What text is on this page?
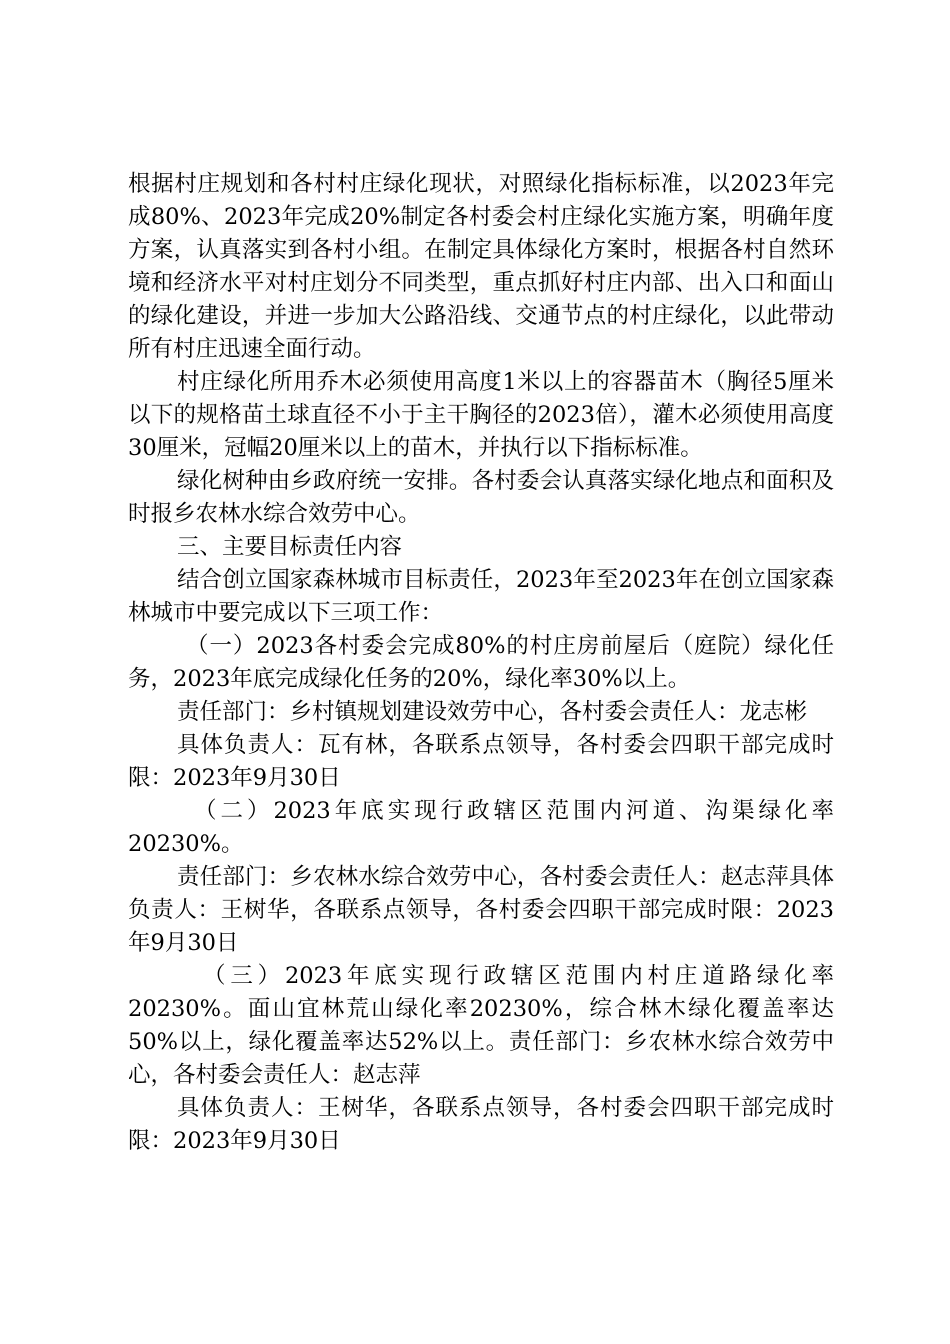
根据村庄规划和各村村庄绿化现状，对照绿化指标标准，以2023年完成80%、2023年完成20%制定各村委会村庄绿化实施方案，明确年度方案，认真落实到各村小组。在制定具体绿化方案时，根据各村自然环境和经济水平对村庄划分不同类型，重点抓好村庄内部、出入口和面山的绿化建设，并进一步加大公路沿线、交通节点的村庄绿化，以此带动所有村庄迅速全面行动。

村庄绿化所用乔木必须使用高度1米以上的容器苗木（胸径5厘米以下的规格苗土球直径不小于主干胸径的2023倍），灌木必须使用高度30厘米，冠幅20厘米以上的苗木，并执行以下指标标准。

绿化树种由乡政府统一安排。各村委会认真落实绿化地点和面积及时报乡农林水综合效劳中心。

三、主要目标责任内容

结合创立国家森林城市目标责任，2023年至2023年在创立国家森林城市中要完成以下三项工作：

（一）2023各村委会完成80%的村庄房前屋后（庭院）绿化任务，2023年底完成绿化任务的20%，绿化率30%以上。

责任部门：乡村镇规划建设效劳中心，各村委会责任人：龙志彬

具体负责人：瓦有林，各联系点领导，各村委会四职干部完成时限：2023年9月30日

（二）2023年底实现行政辖区范围内河道、沟渠绿化率20230%。

责任部门：乡农林水综合效劳中心，各村委会责任人：赵志萍具体负责人：王树华，各联系点领导，各村委会四职干部完成时限：2023年9月30日

（三）2023年底实现行政辖区范围内村庄道路绿化率20230%。面山宜林荒山绿化率20230%，综合林木绿化覆盖率达50%以上，绿化覆盖率达52%以上。责任部门：乡农林水综合效劳中心，各村委会责任人：赵志萍

具体负责人：王树华，各联系点领导，各村委会四职干部完成时限：2023年9月30日
